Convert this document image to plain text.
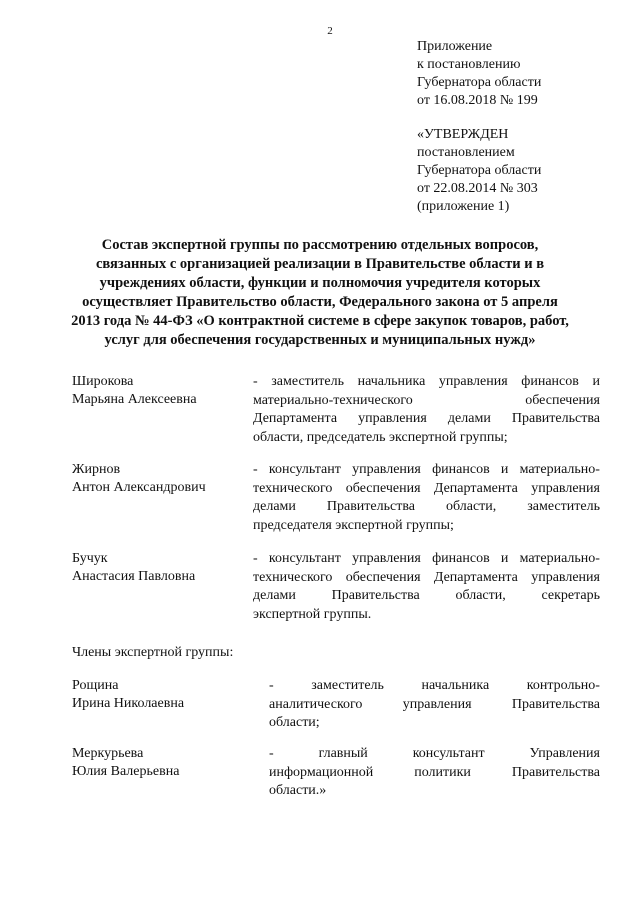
2
Приложение
к постановлению
Губернатора области
от 16.08.2018 № 199
«УТВЕРЖДЕН
постановлением
Губернатора области
от 22.08.2014 № 303
(приложение 1)
Состав экспертной группы по рассмотрению отдельных вопросов,
связанных с организацией реализации в Правительстве области и в
учреждениях области, функции и полномочия учредителя которых
осуществляет Правительство области, Федерального закона от 5 апреля
2013 года № 44-ФЗ «О контрактной системе в сфере закупок товаров, работ,
услуг для обеспечения государственных и муниципальных нужд»
Широкова
Марьяна Алексеевна
- заместитель начальника управления финансов и
материально-технического	обеспечения
Департамента управления делами Правительства
области, председатель экспертной группы;
Жирнов
Антон Александрович
- консультант управления финансов и материально-
технического обеспечения Департамента управления
делами Правительства области, заместитель
председателя экспертной группы;
Бучук
Анастасия Павловна
- консультант управления финансов и материально-
технического обеспечения Департамента управления
делами	Правительства	области,	секретарь
экспертной группы.
Члены экспертной группы:
Рощина
Ирина Николаевна
-	заместитель	начальника	контрольно-
аналитического	управления	Правительства
области;
Меркурьева
Юлия Валерьевна
-	главный	консультант	Управления
информационной	политики	Правительства
области.»
